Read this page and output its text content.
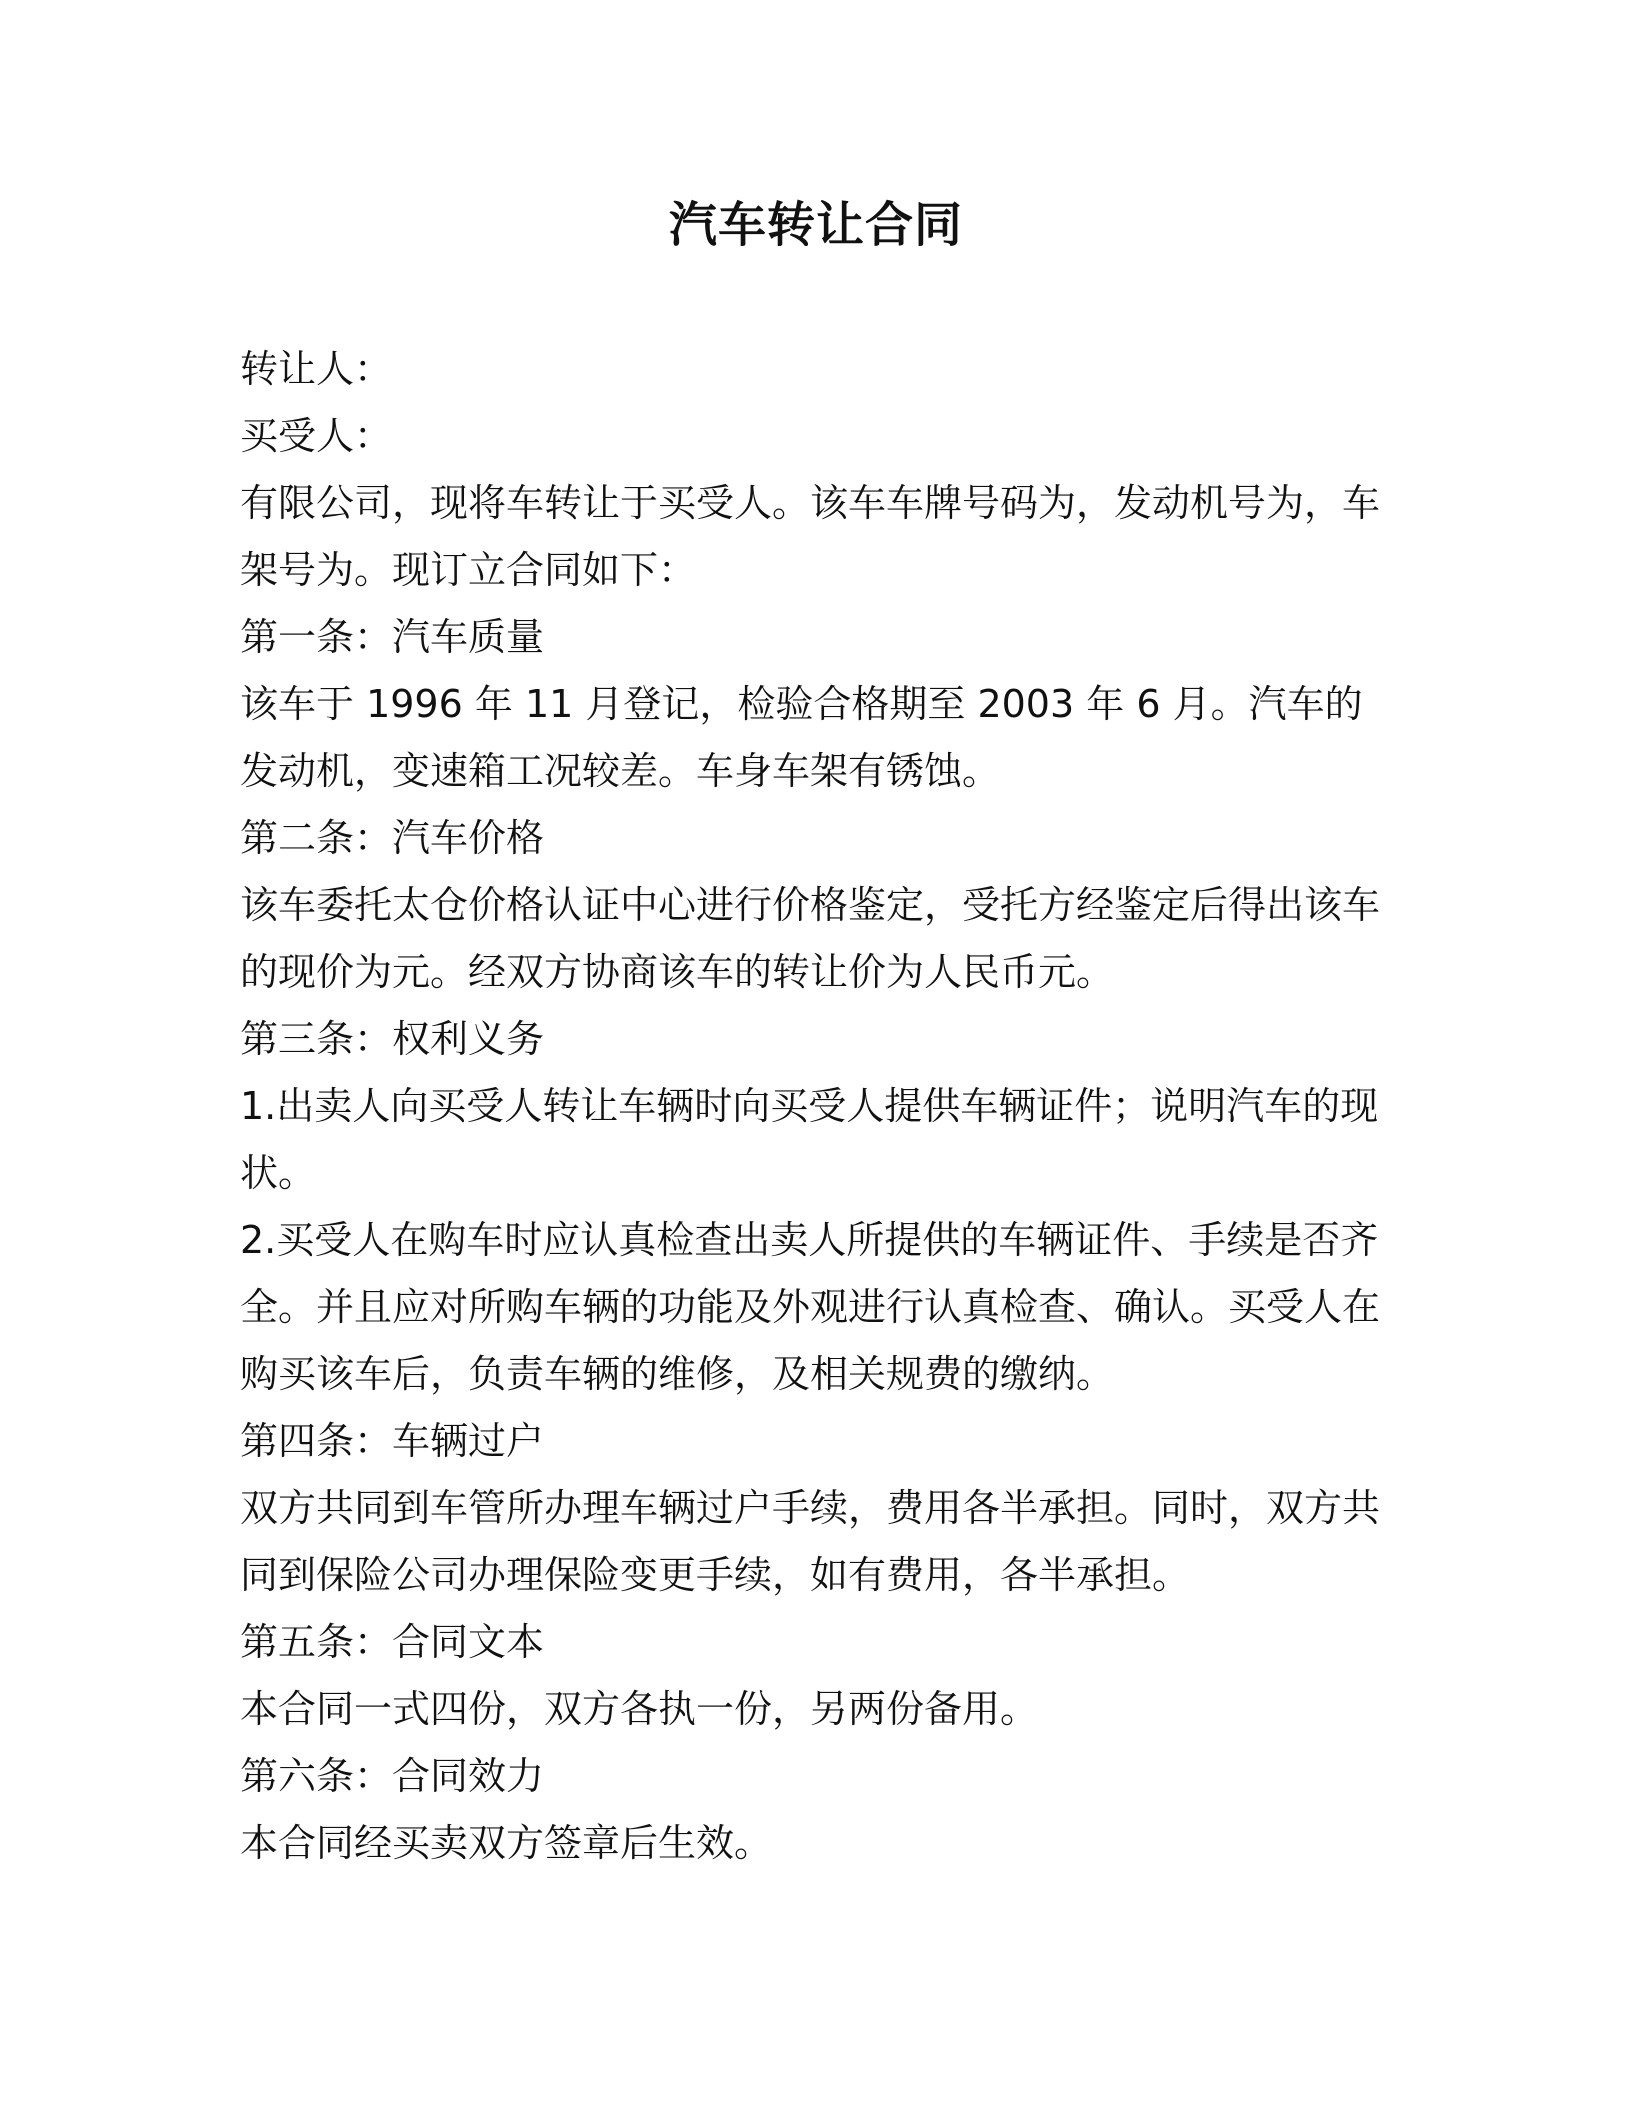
汽车转让合同

转让人：

买受人：

有限公司，现将车转让于买受人。该车车牌号码为，发动机号为，车架号为。现订立合同如下：

第一条：汽车质量

该车于 1996 年 11 月登记，检验合格期至 2003 年 6 月。汽车的发动机，变速箱工况较差。车身车架有锈蚀。

第二条：汽车价格

该车委托太仓价格认证中心进行价格鉴定，受托方经鉴定后得出该车的现价为元。经双方协商该车的转让价为人民币元。

第三条：权利义务

1.出卖人向买受人转让车辆时向买受人提供车辆证件；说明汽车的现状。

2.买受人在购车时应认真检查出卖人所提供的车辆证件、手续是否齐全。并且应对所购车辆的功能及外观进行认真检查、确认。买受人在购买该车后，负责车辆的维修，及相关规费的缴纳。

第四条：车辆过户

双方共同到车管所办理车辆过户手续，费用各半承担。同时，双方共同到保险公司办理保险变更手续，如有费用，各半承担。

第五条：合同文本

本合同一式四份，双方各执一份，另两份备用。

第六条：合同效力

本合同经买卖双方签章后生效。
